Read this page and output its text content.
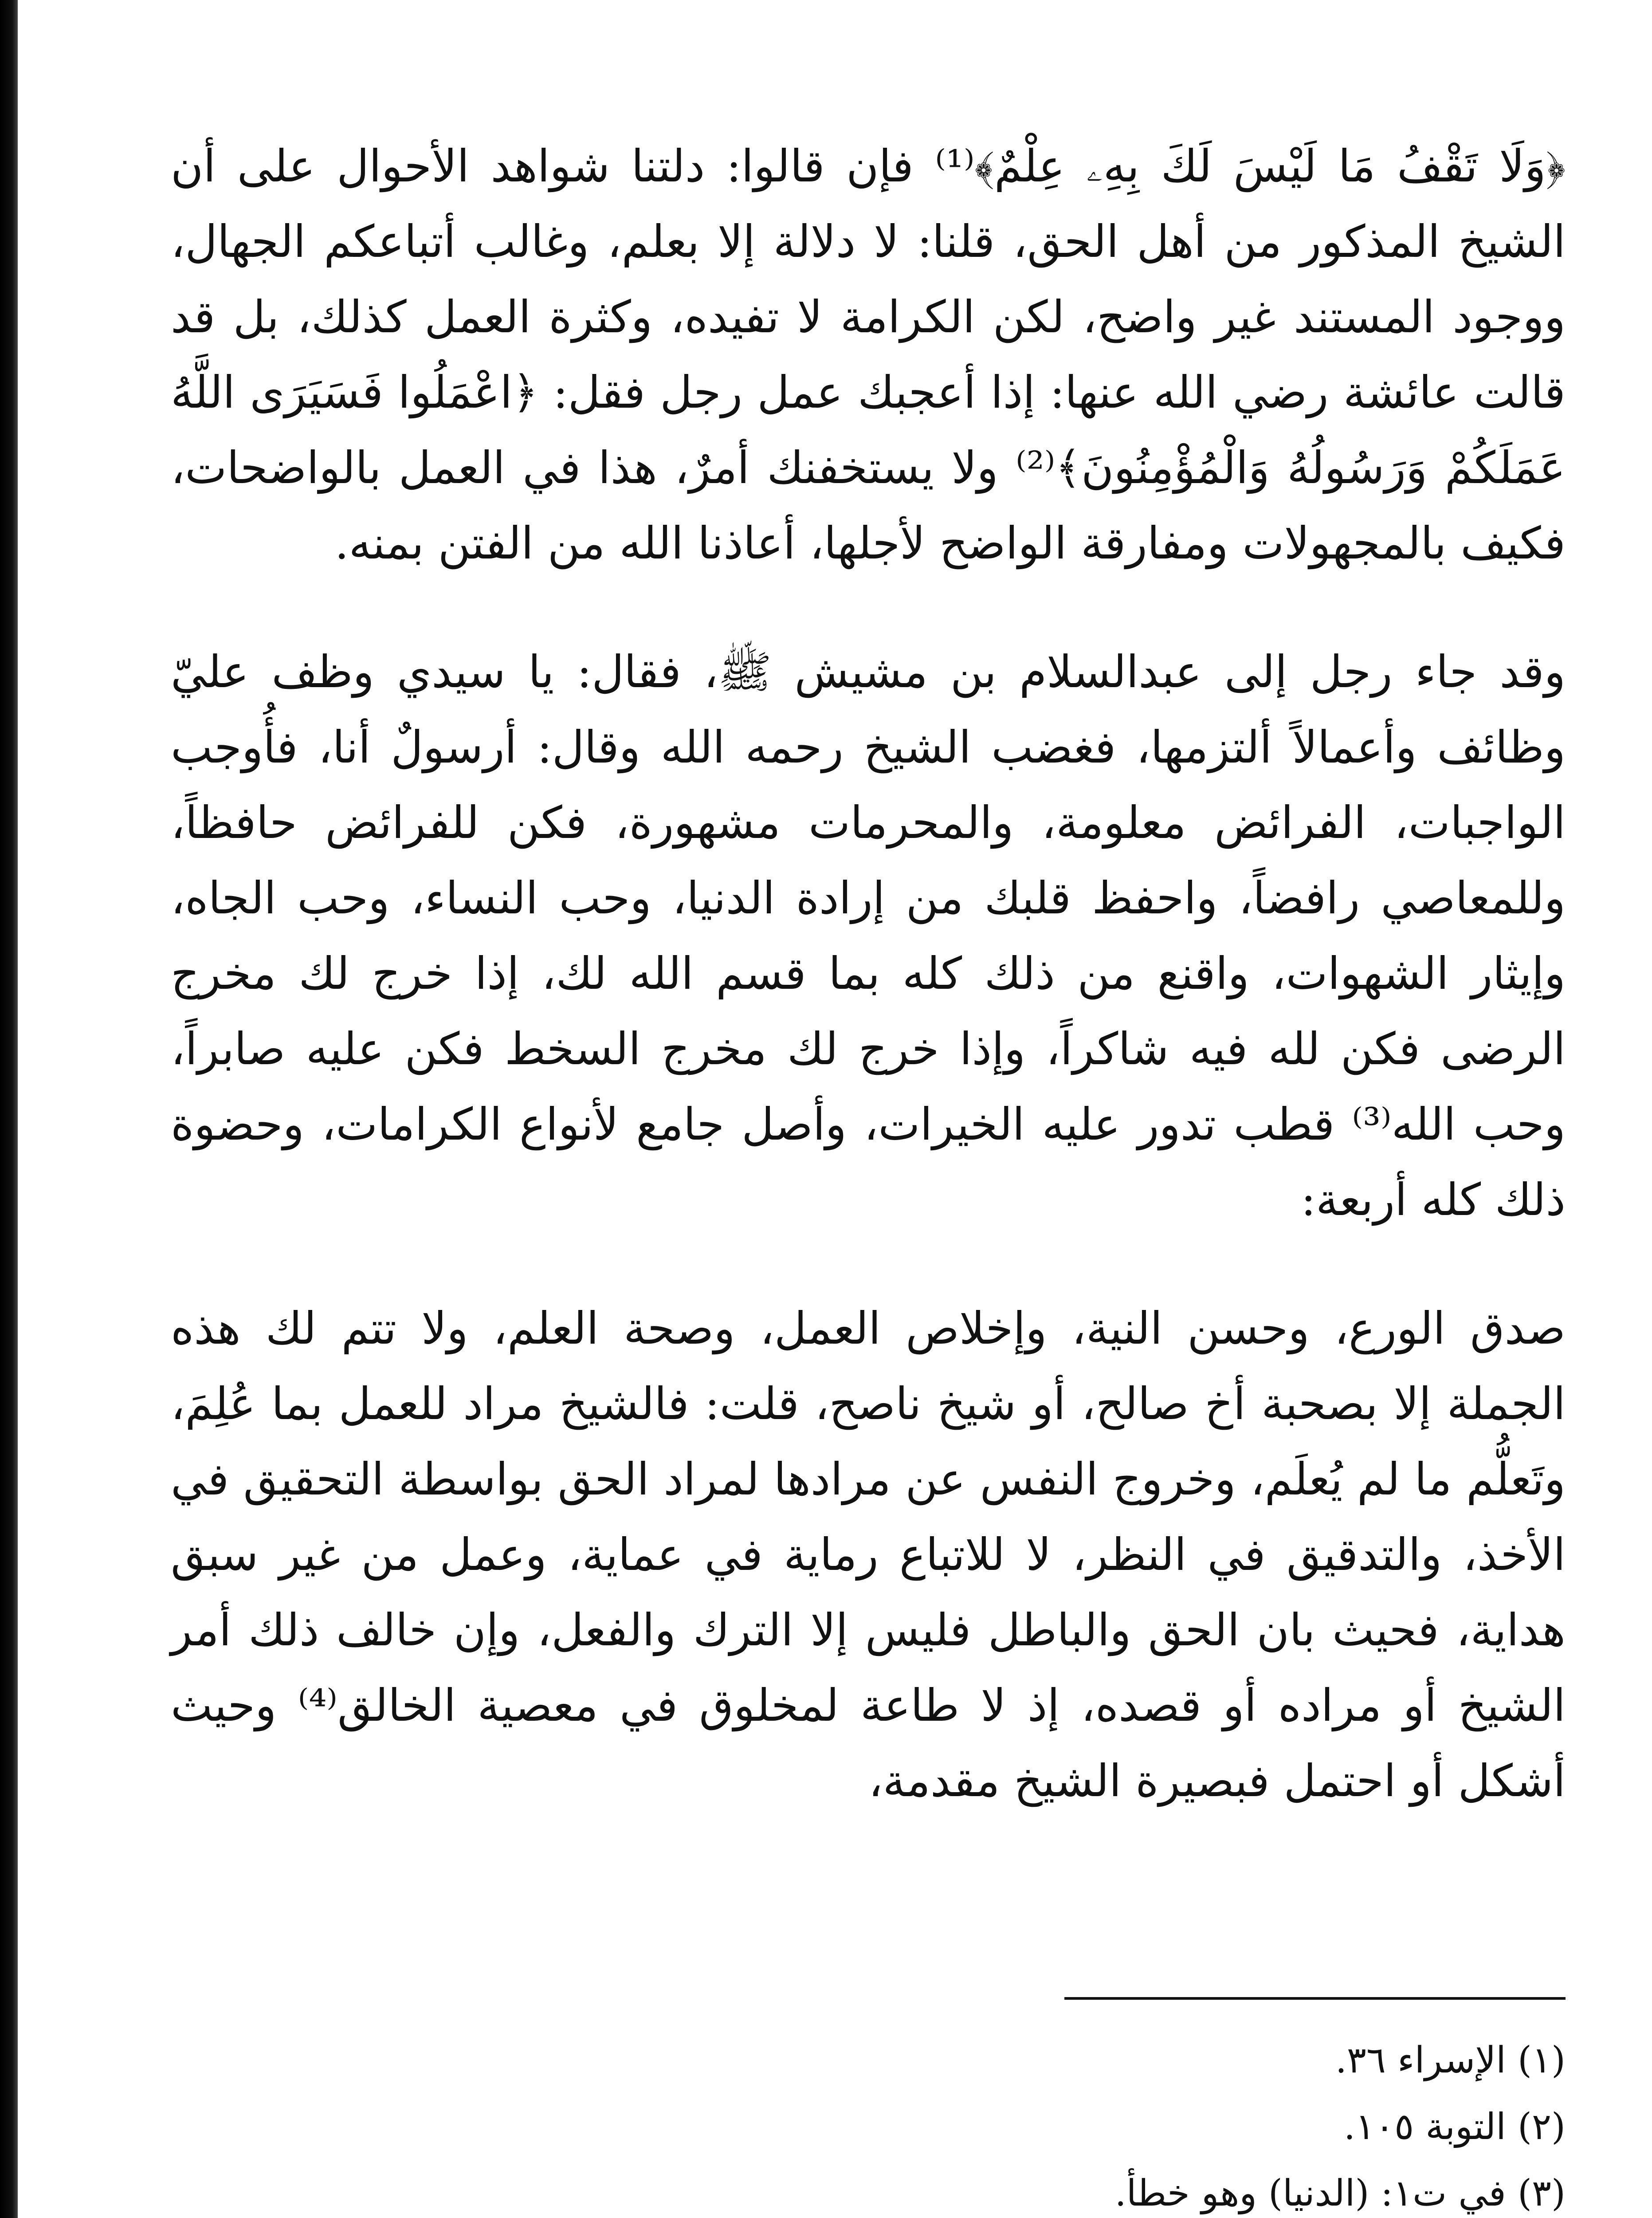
﴿وَلَا تَقْفُ مَا لَيْسَ لَكَ بِهِۦ عِلْمٌ﴾⁽¹⁾ فإن قالوا: دلتنا شواهد الأحوال على أن الشيخ المذكور من أهل الحق، قلنا: لا دلالة إلا بعلم، وغالب أتباعكم الجهال، ووجود المستند غير واضح، لكن الكرامة لا تفيده، وكثرة العمل كذلك، بل قد قالت عائشة رضي الله عنها: إذا أعجبك عمل رجل فقل: ﴿اعْمَلُوا فَسَيَرَى اللَّهُ عَمَلَكُمْ وَرَسُولُهُ وَالْمُؤْمِنُونَ﴾⁽²⁾ ولا يستخفنك أمرٌ، هذا في العمل بالواضحات، فكيف بالمجهولات ومفارقة الواضح لأجلها، أعاذنا الله من الفتن بمنه.

وقد جاء رجل إلى عبدالسلام بن مشيش ﷺ، فقال: يا سيدي وظف عليّ وظائف وأعمالاً ألتزمها، فغضب الشيخ رحمه الله وقال: أرسولٌ أنا، فأُوجب الواجبات، الفرائض معلومة، والمحرمات مشهورة، فكن للفرائض حافظاً، وللمعاصي رافضاً، واحفظ قلبك من إرادة الدنيا، وحب النساء، وحب الجاه، وإيثار الشهوات، واقنع من ذلك كله بما قسم الله لك، إذا خرج لك مخرج الرضى فكن لله فيه شاكراً، وإذا خرج لك مخرج السخط فكن عليه صابراً، وحب الله⁽³⁾ قطب تدور عليه الخيرات، وأصل جامع لأنواع الكرامات، وحضوة ذلك كله أربعة:

صدق الورع، وحسن النية، وإخلاص العمل، وصحة العلم، ولا تتم لك هذه الجملة إلا بصحبة أخ صالح، أو شيخ ناصح، قلت: فالشيخ مراد للعمل بما عُلِمَ، وتَعلُّم ما لم يُعلَم، وخروج النفس عن مرادها لمراد الحق بواسطة التحقيق في الأخذ، والتدقيق في النظر، لا للاتباع رماية في عماية، وعمل من غير سبق هداية، فحيث بان الحق والباطل فليس إلا الترك والفعل، وإن خالف ذلك أمر الشيخ أو مراده أو قصده، إذ لا طاعة لمخلوق في معصية الخالق⁽⁴⁾ وحيث أشكل أو احتمل فبصيرة الشيخ مقدمة،

(١) الإسراء ٣٦.
(٢) التوبة ١٠٥.
(٣) في ت١: (الدنيا) وهو خطأ.
